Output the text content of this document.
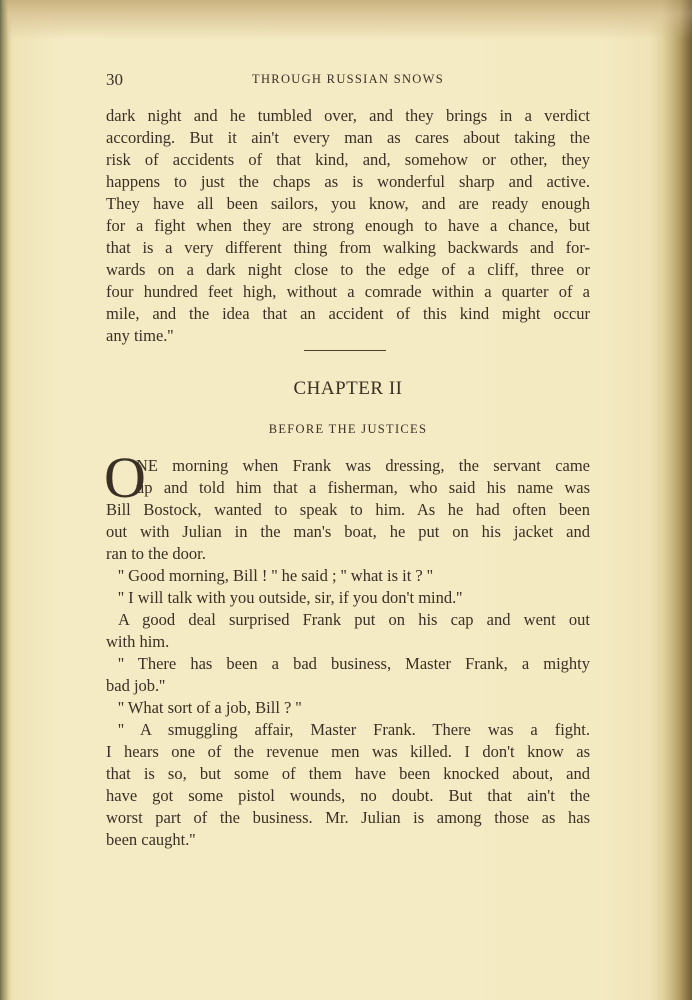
30	THROUGH RUSSIAN SNOWS
dark night and he tumbled over, and they brings in a verdict
according. But it ain't every man as cares about taking the
risk of accidents of that kind, and, somehow or other, they
happens to just the chaps as is wonderful sharp and active.
They have all been sailors, you know, and are ready enough
for a fight when they are strong enough to have a chance, but
that is a very different thing from walking backwards and for-
wards on a dark night close to the edge of a cliff, three or
four hundred feet high, without a comrade within a quarter of a
mile, and the idea that an accident of this kind might occur
any time.''
CHAPTER II
BEFORE THE JUSTICES
O
NE morning when Frank was dressing, the servant came
up and told him that a fisherman, who said his name was
Bill Bostock, wanted to speak to him. As he had often been
out with Julian in the man's boat, he put on his jacket and
ran to the door.
'' Good morning, Bill ! '' he said ; '' what is it ? ''
'' I will talk with you outside, sir, if you don't mind.''
A good deal surprised Frank put on his cap and went out
with him.
'' There has been a bad business, Master Frank, a mighty
bad job.''
'' What sort of a job, Bill ? ''
'' A smuggling affair, Master Frank. There was a fight.
I hears one of the revenue men was killed. I don't know as
that is so, but some of them have been knocked about, and
have got some pistol wounds, no doubt. But that ain't the
worst part of the business. Mr. Julian is among those as has
been caught.''
